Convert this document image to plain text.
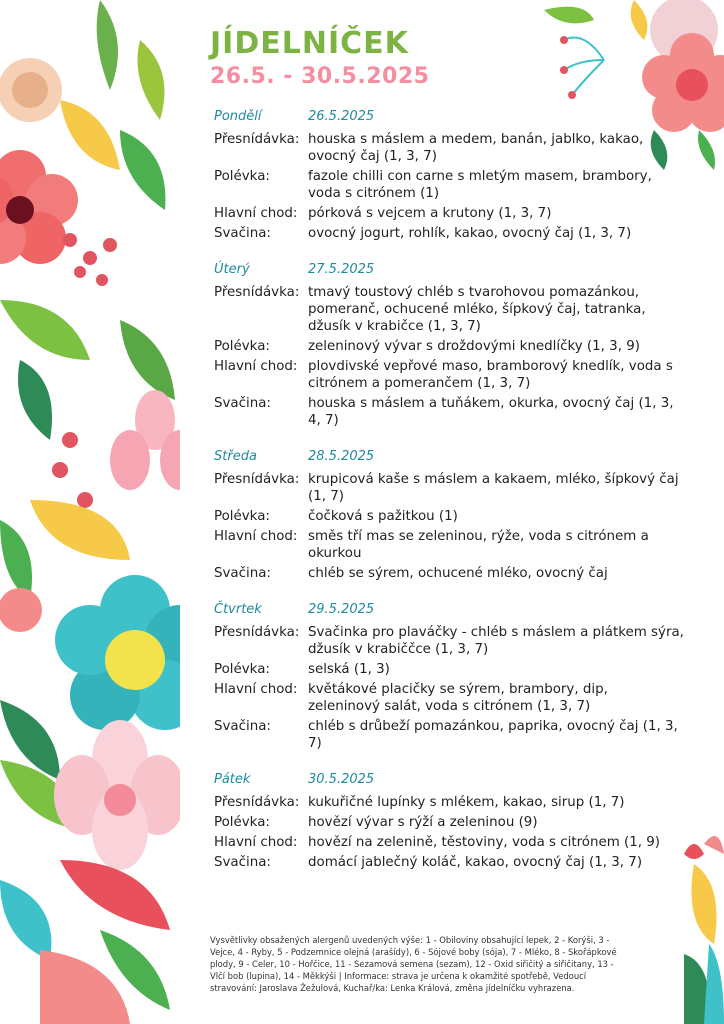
JÍDELNÍČEK
26.5. - 30.5.2025
Pondělí	26.5.2025
Přesnídávka: houska s máslem a medem, banán, jablko, kakao, ovocný čaj (1, 3, 7)
Polévka:	fazole chilli con carne s mletým masem, brambory, voda s citrónem (1)
Hlavní chod: pórková s vejcem a krutony (1, 3, 7)
Svačina:	ovocný jogurt, rohlík, kakao, ovocný čaj (1, 3, 7)
Úterý	27.5.2025
Přesnídávka: tmavý toustový chléb s tvarohovou pomazánkou, pomeranč, ochucené mléko, šípkový čaj, tatranka, džusík v krabičce (1, 3, 7)
Polévka:	zeleninový vývar s droždovými knedlíčky (1, 3, 9)
Hlavní chod: plovdivské vepřové maso, bramborový knedlík, voda s citrónem a pomerančem (1, 3, 7)
Svačina:	houska s máslem a tuňákem, okurka, ovocný čaj (1, 3, 4, 7)
Středa	28.5.2025
Přesnídávka: krupicová kaše s máslem a kakaem, mléko, šípkový čaj (1, 7)
Polévka:	čočková s pažitkou (1)
Hlavní chod: směs tří mas se zeleninou, rýže, voda s citrónem a okurkou
Svačina:	chléb se sýrem, ochucené mléko, ovocný čaj
Čtvrtek	29.5.2025
Přesnídávka: Svačinka pro plaváčky - chléb s máslem a plátkem sýra, džusík v krabiččce (1, 3, 7)
Polévka:	selská (1, 3)
Hlavní chod: květákové placičky se sýrem, brambory, dip, zeleninový salát, voda s citrónem (1, 3, 7)
Svačina:	chléb s drůbeží pomazánkou, paprika, ovocný čaj (1, 3, 7)
Pátek	30.5.2025
Přesnídávka: kukuřičné lupínky s mlékem, kakao, sirup (1, 7)
Polévka:	hovězí vývar s rýží a zeleninou (9)
Hlavní chod: hovězí na zelenině, těstoviny, voda s citrónem (1, 9)
Svačina:	domácí jablečný koláč, kakao, ovocný čaj (1, 3, 7)
Vysvětlivky obsažených alergenů uvedených výše: 1 - Obiloviny obsahující lepek, 2 - Korýši, 3 - Vejce, 4 - Ryby, 5 - Podzemnice olejná (arašídy), 6 - Sójové boby (sója), 7 - Mléko, 8 - Skořápkové plody, 9 - Celer, 10 - Hořčice, 11 - Sezamová semena (sezam), 12 - Oxid siřičitý a siřičitany, 13 - Vlčí bob (lupina), 14 - Měkkýši | Informace: strava je určena k okamžité spotřebě, Vedoucí stravování: Jaroslava Žežulová, Kuchař/ka: Lenka Králová, změna jídelníčku vyhrazena.
